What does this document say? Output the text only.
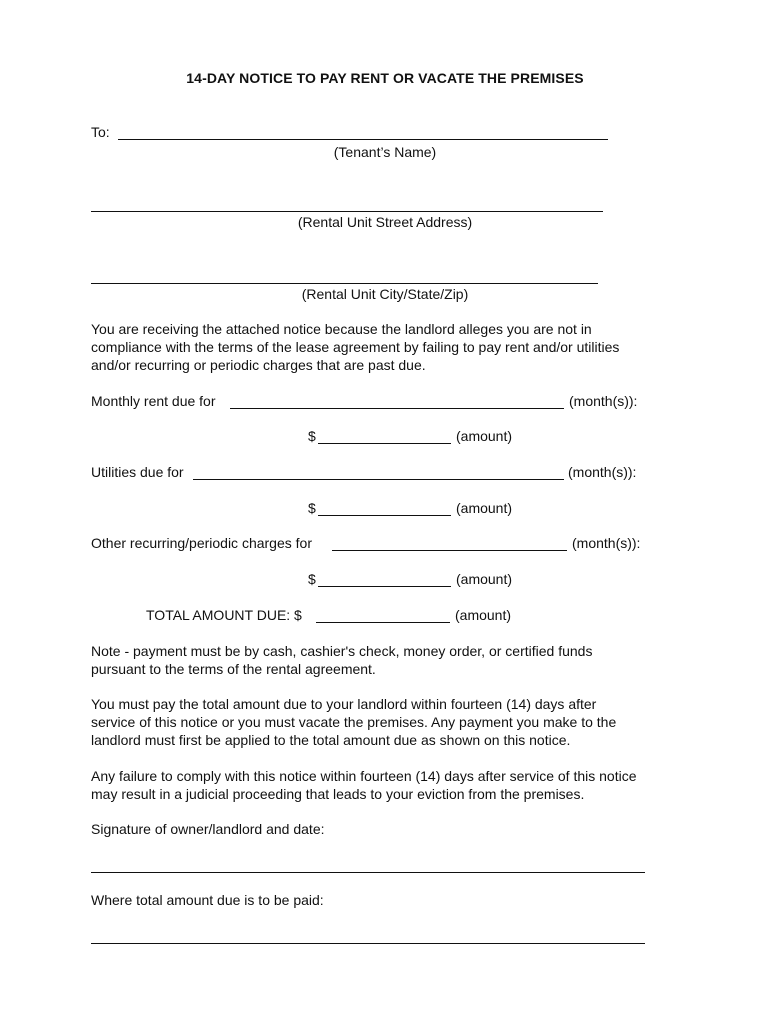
14-DAY NOTICE TO PAY RENT OR VACATE THE PREMISES
To:
(Tenant’s Name)
(Rental Unit Street Address)
(Rental Unit City/State/Zip)
You are receiving the attached notice because the landlord alleges you are not in
compliance with the terms of the lease agreement by failing to pay rent and/or utilities
and/or recurring or periodic charges that are past due.
Monthly rent due for	(month(s)):
$	(amount)
Utilities due for	(month(s)):
$	(amount)
Other recurring/periodic charges for	(month(s)):
$	(amount)
TOTAL AMOUNT DUE: $	(amount)
Note - payment must be by cash, cashier's check, money order, or certified funds
pursuant to the terms of the rental agreement.
You must pay the total amount due to your landlord within fourteen (14) days after
service of this notice or you must vacate the premises. Any payment you make to the
landlord must first be applied to the total amount due as shown on this notice.
Any failure to comply with this notice within fourteen (14) days after service of this notice
may result in a judicial proceeding that leads to your eviction from the premises.
Signature of owner/landlord and date:
Where total amount due is to be paid:
